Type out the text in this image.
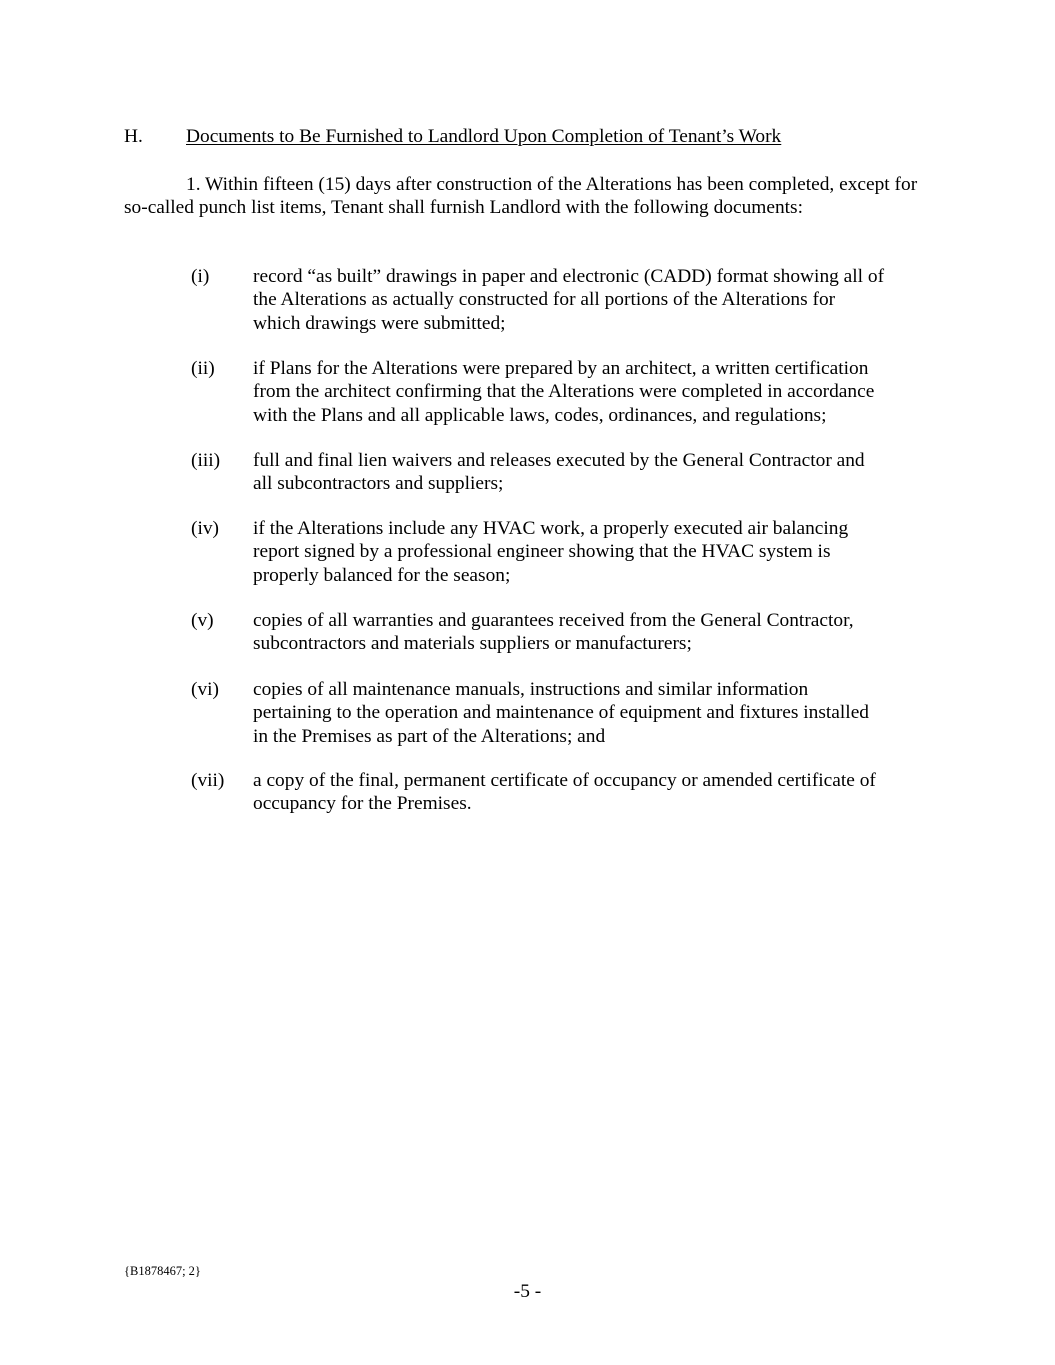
H. Documents to Be Furnished to Landlord Upon Completion of Tenant’s Work

1. Within fifteen (15) days after construction of the Alterations has been completed, except for so-called punch list items, Tenant shall furnish Landlord with the following documents:

(i)	record “as built” drawings in paper and electronic (CADD) format showing all of
the Alterations as actually constructed for all portions of the Alterations for
which drawings were submitted;
(ii)	if Plans for the Alterations were prepared by an architect, a written certification
from the architect confirming that the Alterations were completed in accordance
with the Plans and all applicable laws, codes, ordinances, and regulations;
(iii)	full and final lien waivers and releases executed by the General Contractor and
all subcontractors and suppliers;
(iv)	if the Alterations include any HVAC work, a properly executed air balancing
report signed by a professional engineer showing that the HVAC system is
properly balanced for the season;
(v)	copies of all warranties and guarantees received from the General Contractor,
subcontractors and materials suppliers or manufacturers;
(vi)	copies of all maintenance manuals, instructions and similar information
pertaining to the operation and maintenance of equipment and fixtures installed
in the Premises as part of the Alterations; and
(vii)	a copy of the final, permanent certificate of occupancy or amended certificate of
occupancy for the Premises.
{B1878467; 2}
-5 -
